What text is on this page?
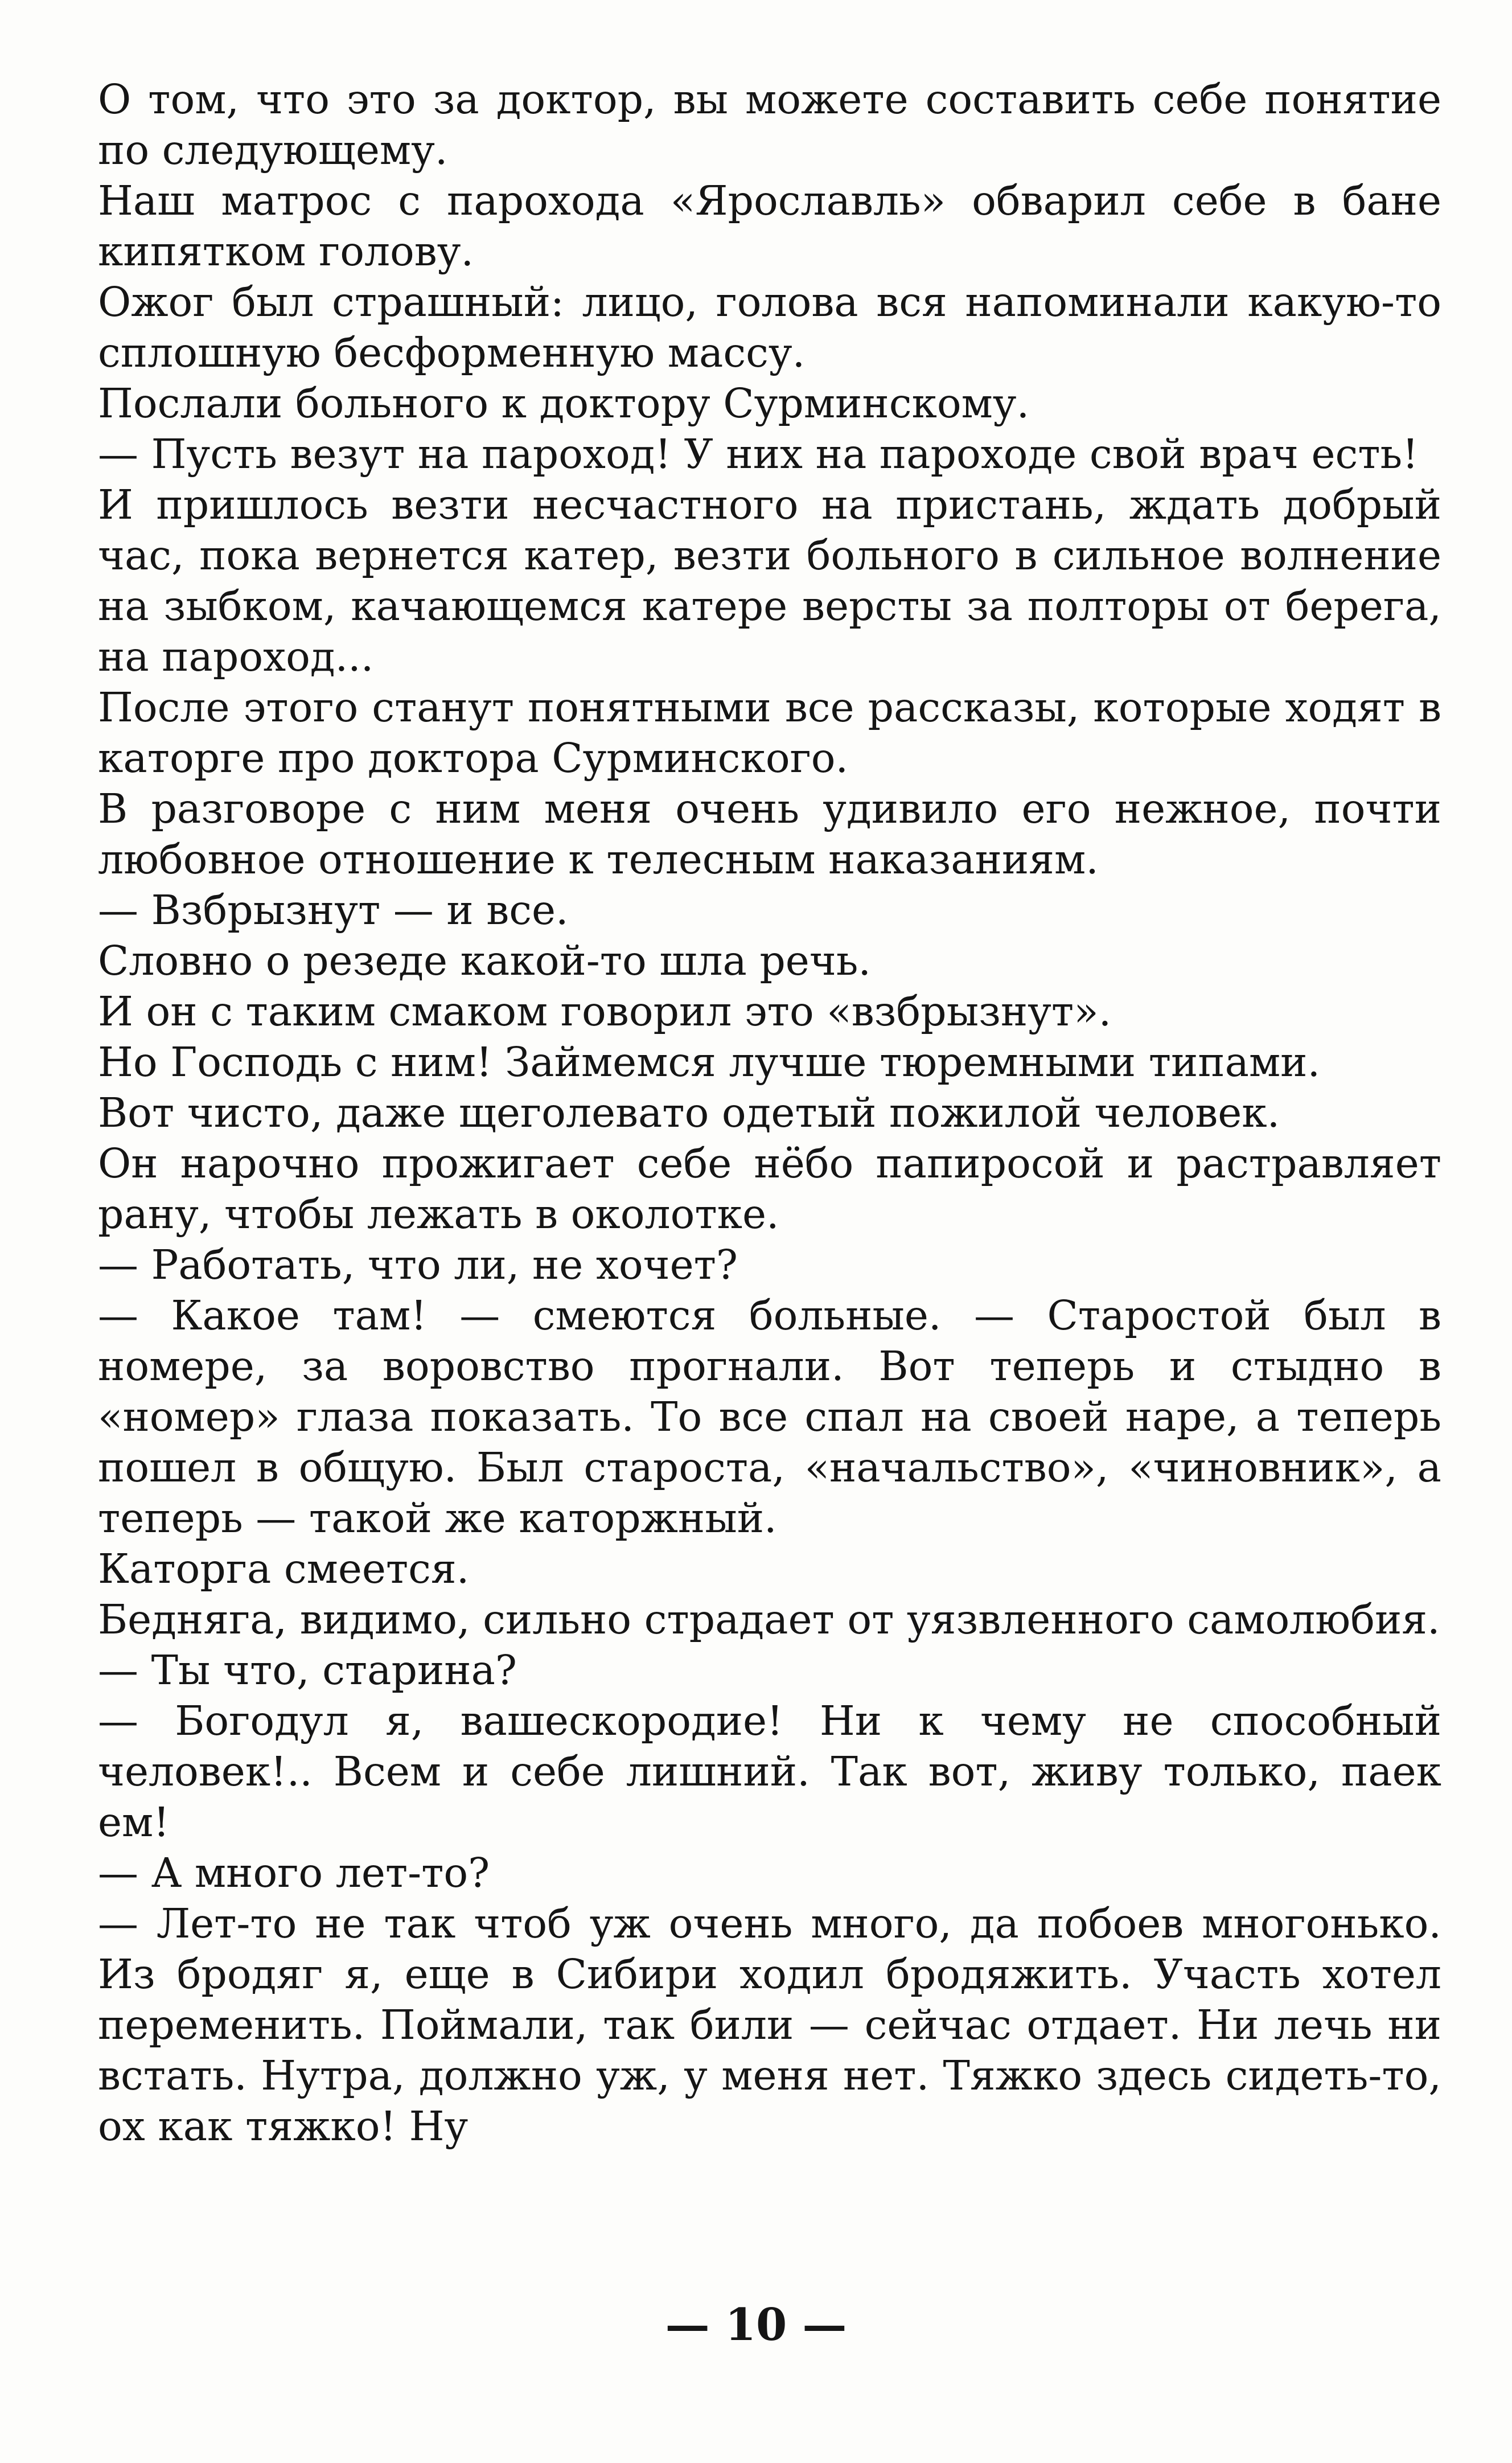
О том, что это за доктор, вы можете составить себе понятие по следующему.

Наш матрос с парохода «Ярославль» обварил себе в бане кипятком голову.

Ожог был страшный: лицо, голова вся напоминали какую-то сплошную бесформенную массу.

Послали больного к доктору Сурминскому.

— Пусть везут на пароход! У них на пароходе свой врач есть!

И пришлось везти несчастного на пристань, ждать добрый час, пока вернется катер, везти больного в сильное волнение на зыбком, качающемся катере версты за полторы от берега, на пароход...

После этого станут понятными все рассказы, которые ходят в каторге про доктора Сурминского.

В разговоре с ним меня очень удивило его нежное, почти любовное отношение к телесным наказаниям.

— Взбрызнут — и все.

Словно о резеде какой-то шла речь.

И он с таким смаком говорил это «взбрызнут».

Но Господь с ним! Займемся лучше тюремными типами.

Вот чисто, даже щеголевато одетый пожилой человек.

Он нарочно прожигает себе нёбо папиросой и растравляет рану, чтобы лежать в околотке.

— Работать, что ли, не хочет?

— Какое там! — смеются больные. — Старостой был в номере, за воровство прогнали. Вот теперь и стыдно в «номер» глаза показать. То все спал на своей наре, а теперь пошел в общую. Был староста, «начальство», «чиновник», а теперь — такой же каторжный.

Каторга смеется.

Бедняга, видимо, сильно страдает от уязвленного самолюбия.

— Ты что, старина?

— Богодул я, вашескородие! Ни к чему не способный человек!.. Всем и себе лишний. Так вот, живу только, паек ем!

— А много лет-то?

— Лет-то не так чтоб уж очень много, да побоев многонько. Из бродяг я, еще в Сибири ходил бродяжить. Участь хотел переменить. Поймали, так били — сейчас отдает. Ни лечь ни встать. Нутра, должно уж, у меня нет. Тяжко здесь сидеть-то, ох как тяжко! Ну

— 10 —
